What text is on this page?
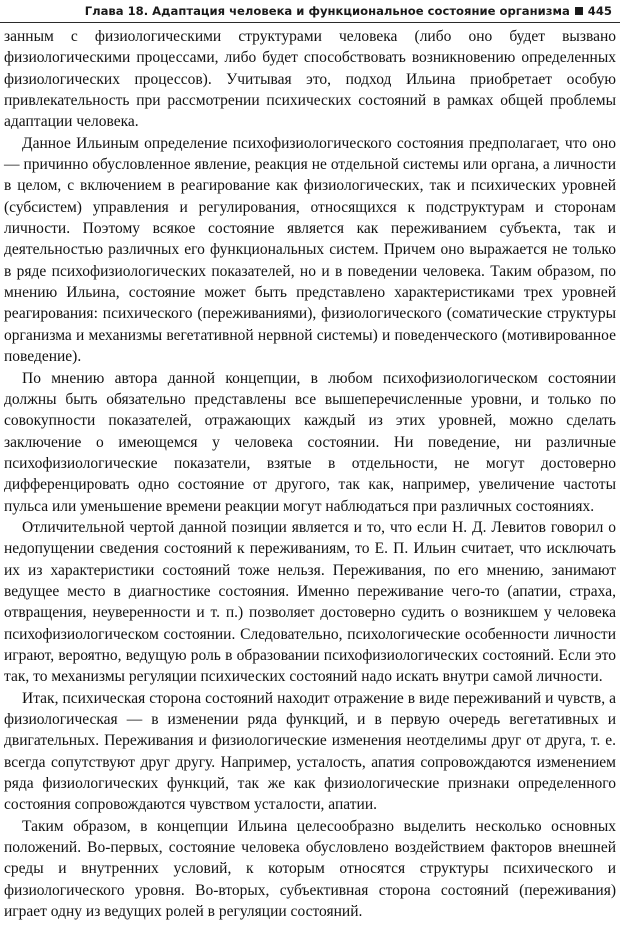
Глава 18. Адаптация человека и функциональное состояние организма 445

занным с физиологическими структурами человека (либо оно будет вызвано физиологическими процессами, либо будет способствовать возникновению определенных физиологических процессов). Учитывая это, подход Ильина приобретает особую привлекательность при рассмотрении психических состояний в рамках общей проблемы адаптации человека.

Данное Ильиным определение психофизиологического состояния предполагает, что оно — причинно обусловленное явление, реакция не отдельной системы или органа, а личности в целом, с включением в реагирование как физиологических, так и психических уровней (субсистем) управления и регулирования, относящихся к подструктурам и сторонам личности. Поэтому всякое состояние является как переживанием субъекта, так и деятельностью различных его функциональных систем. Причем оно выражается не только в ряде психофизиологических показателей, но и в поведении человека. Таким образом, по мнению Ильина, состояние может быть представлено характеристиками трех уровней реагирования: психического (переживаниями), физиологического (соматические структуры организма и механизмы вегетативной нервной системы) и поведенческого (мотивированное поведение).

По мнению автора данной концепции, в любом психофизиологическом состоянии должны быть обязательно представлены все вышеперечисленные уровни, и только по совокупности показателей, отражающих каждый из этих уровней, можно сделать заключение о имеющемся у человека состоянии. Ни поведение, ни различные психофизиологические показатели, взятые в отдельности, не могут достоверно дифференцировать одно состояние от другого, так как, например, увеличение частоты пульса или уменьшение времени реакции могут наблюдаться при различных состояниях.

Отличительной чертой данной позиции является и то, что если Н. Д. Левитов говорил о недопущении сведения состояний к переживаниям, то Е. П. Ильин считает, что исключать их из характеристики состояний тоже нельзя. Переживания, по его мнению, занимают ведущее место в диагностике состояния. Именно переживание чего-то (апатии, страха, отвращения, неуверенности и т. п.) позволяет достоверно судить о возникшем у человека психофизиологическом состоянии. Следовательно, психологические особенности личности играют, вероятно, ведущую роль в образовании психофизиологических состояний. Если это так, то механизмы регуляции психических состояний надо искать внутри самой личности.

Итак, психическая сторона состояний находит отражение в виде переживаний и чувств, а физиологическая — в изменении ряда функций, и в первую очередь вегетативных и двигательных. Переживания и физиологические изменения неотделимы друг от друга, т. е. всегда сопутствуют друг другу. Например, усталость, апатия сопровождаются изменением ряда физиологических функций, так же как физиологические признаки определенного состояния сопровождаются чувством усталости, апатии.

Таким образом, в концепции Ильина целесообразно выделить несколько основных положений. Во-первых, состояние человека обусловлено воздействием факторов внешней среды и внутренних условий, к которым относятся структуры психического и физиологического уровня. Во-вторых, субъективная сторона состояний (переживания) играет одну из ведущих ролей в регуляции состояний.
